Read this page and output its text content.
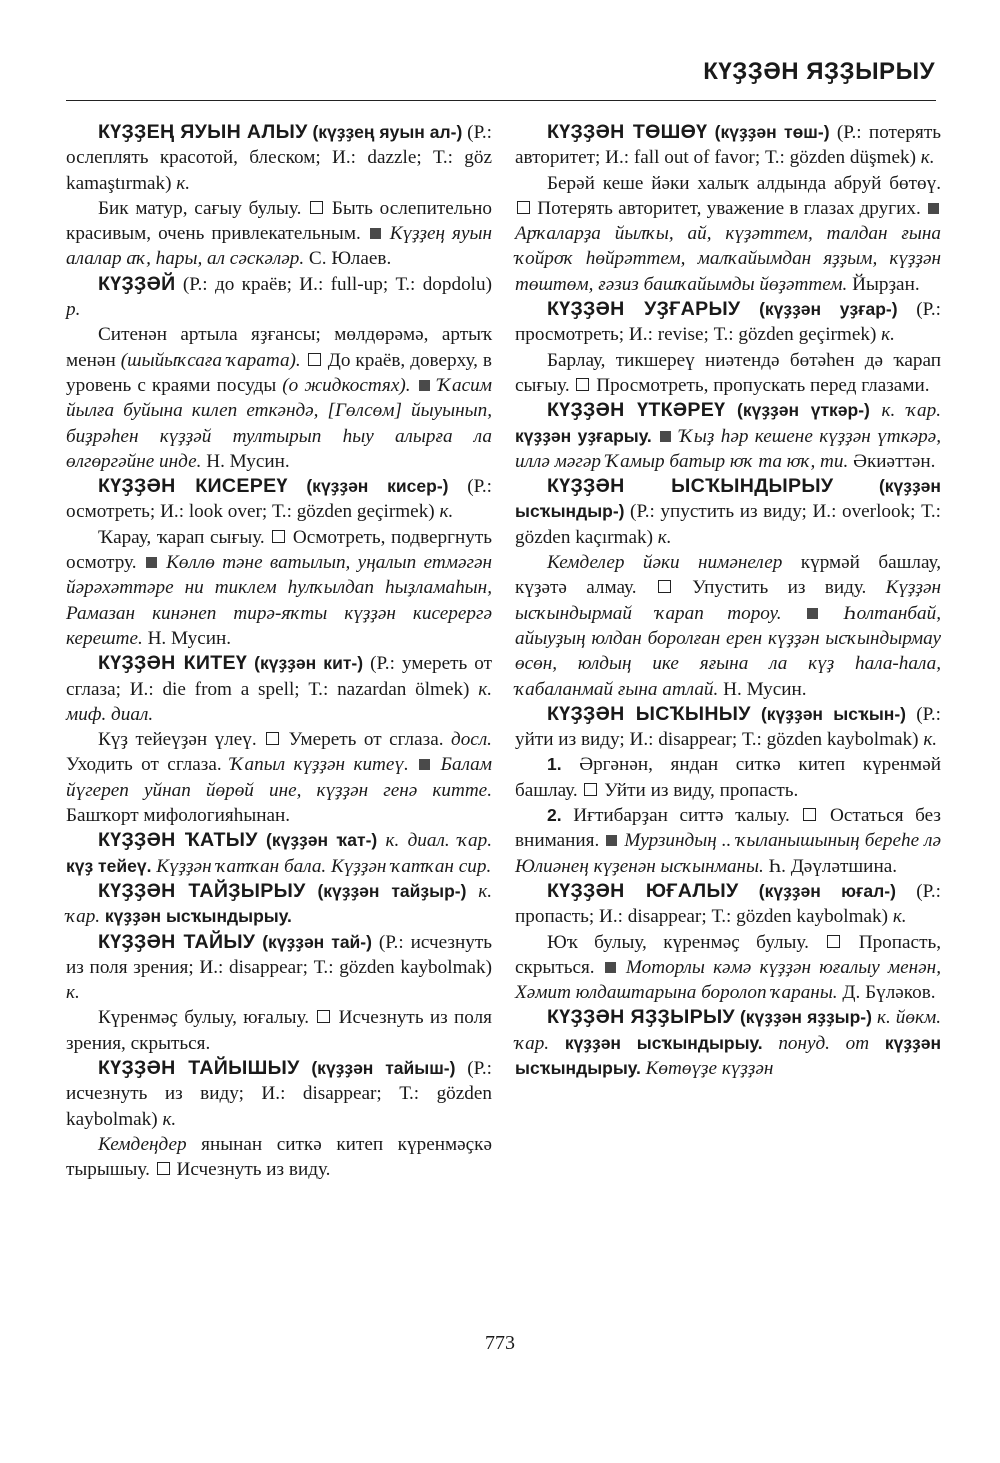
КҮҘҘӘН ЯҘҘЫРЫУ

КҮҘҘЕҢ ЯУЫН АЛЫУ (күҙҙең яуын ал-) (Р.: ослеплять красотой, блеском; И.: dazzle; Т.: göz kamaştırmak) к.

Бик матур, сағыу булыу.  Быть ослепительно красивым, очень привлекательным.  Күҙҙең яуын алалар аҡ, һары, ал сәскәләр. С. Юлаев.

КҮҘҘӘЙ (Р.: до краёв; И.: full-up; Т.: dopdolu) р.

Ситенән артыла яҙғансы; мөлдөрәмә, артыҡ менән (шыйыҡсаға ҡарата).  До краёв, доверху, в уровень с краями посуды (о жидкостях).  Ҡасим йылға буйына килеп еткәндә, [Гөлсөм] йыуынып, биҙрәһен күҙҙәй тултырып һыу алырға ла өлгөргәйне инде. Н. Мусин.

КҮҘҘӘН КИСЕРЕҮ (күҙҙән кисер-) (Р.: осмотреть; И.: look over; Т.: gözden geçirmek) к.

Ҡарау, ҡарап сығыу.  Осмотреть, подвергнуть осмотру.  Көллө тәне ватылып, уңалып етмәгән йәрәхәттәре ни тиклем һулҡылдап һыҙламаһын, Рамазан кинәнеп тирә-яҡты күҙҙән кисерергә кереште. Н. Мусин.

КҮҘҘӘН КИТЕҮ (күҙҙән кит-) (Р.: умереть от сглаза; И.: die from a spell; Т.: nazardan ölmek) к. миф. диал.

Күҙ тейеүҙән үлеү.  Умереть от сглаза. досл. Уходить от сглаза. Ҡапыл күҙҙән китеү.  Балам йүгереп уйнап йөрөй ине, күҙҙән генә китте. Башҡорт мифологияһынан.

КҮҘҘӘН ҠАТЫУ (күҙҙән ҡат-) к. диал. ҡар. күҙ тейеү. Күҙҙән ҡатҡан бала. Күҙҙән ҡатҡан сир.

КҮҘҘӘН ТАЙҘЫРЫУ (күҙҙән тайҙыр-) к. ҡар. күҙҙән ысҡындырыу.

КҮҘҘӘН ТАЙЫУ (күҙҙән тай-) (Р.: исчезнуть из поля зрения; И.: disappear; Т.: gözden kaybolmak) к.

Күренмәҫ булыу, юғалыу.  Исчезнуть из поля зрения, скрыться.

КҮҘҘӘН ТАЙЫШЫУ (күҙҙән тайыш-) (Р.: исчезнуть из виду; И.: disappear; Т.: gözden kaybolmak) к.

Кемдеңдер янынан ситкә китеп күренмәҫкә тырышыу.  Исчезнуть из виду.

КҮҘҘӘН ТӨШӨҮ (күҙҙән төш-) (Р.: потерять авторитет; И.: fall out of favor; Т.: gözden düşmek) к.

Берәй кеше йәки халыҡ алдында абруй бөтөү.  Потерять авторитет, уважение в глазах других.  Арҡаларҙа йылҡы, ай, күҙәттем, талдан ғына ҡойроҡ һөйрәттем, малҡайымдан яҙҙым, күҙҙән төштөм, ғәзиз башҡайымды йөҙәттем. Йырҙан.

КҮҘҘӘН УҘҒАРЫУ (күҙҙән уҙғар-) (Р.: просмотреть; И.: revise; Т.: gözden geçirmek) к.

Барлау, тикшереү ниәтендә бөтәһен дә ҡарап сығыу.  Просмотреть, пропускать перед глазами.

КҮҘҘӘН ҮТКӘРЕҮ (күҙҙән үткәр-) к. ҡар. күҙҙән уҙғарыу.  Ҡыҙ һәр кешене күҙҙән үткәрә, иллә мәгәр Ҡамыр батыр юҡ та юҡ, ти. Әкиәттән.

КҮҘҘӘН ЫСҠЫНДЫРЫУ	(күҙҙән ысҡындыр-) (Р.: упустить из виду; И.: overlook; Т.: gözden kaçırmak) к.

Кемделер йәки нимәнелер күрмәй башлау, күҙәтә алмау.  Упустить из виду. Күҙҙән ысҡындырмай ҡарап тороу.  Һолтанбай, айыуҙың юлдан боролған ерен күҙҙән ысҡындырмау өсөн, юлдың ике яғына ла күҙ һала-һала, ҡабаланмай ғына атлай. Н. Мусин.

КҮҘҘӘН ЫСҠЫНЫУ (күҙҙән ысҡын-) (Р.: уйти из виду; И.: disappear; Т.: gözden kaybolmak) к.

1. Әргәнән, яндан ситкә китеп күренмәй башлау.  Уйти из виду, пропасть.

2. Иғтибарҙан ситтә ҡалыу.  Остаться без внимания.  Мурзиндың .. ҡыланышының береһе лә Юлиәнең күҙенән ысҡынманы. Һ. Дәүләтшина.

КҮҘҘӘН ЮҒАЛЫУ (күҙҙән юғал-) (Р.: пропасть; И.: disappear; Т.: gözden kaybolmak) к.

Юҡ булыу, күренмәҫ булыу.  Пропасть, скрыться.  Моторлы кәмә күҙҙән юғалыу менән, Хәмит юлдаштарына боролоп ҡараны. Д. Бүләков.

КҮҘҘӘН ЯҘҘЫРЫУ (күҙҙән яҙҙыр-) к. йөкм. ҡар. күҙҙән ысҡындырыу. понуд. от күҙҙән ысҡындырыу. Көтөүҙе күҙҙән

773
